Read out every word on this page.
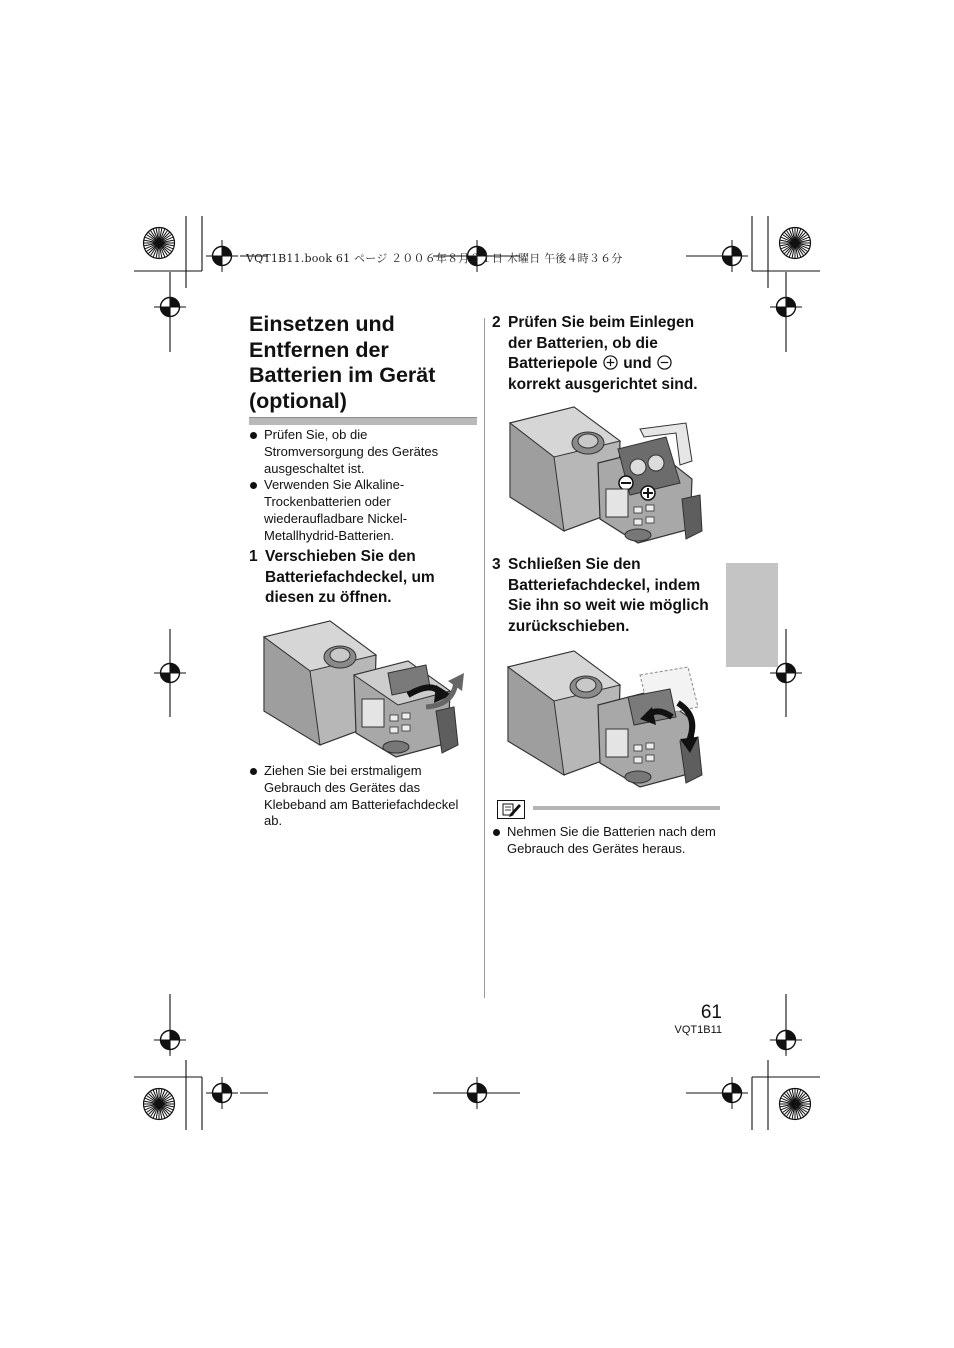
VQT1B11.book 61 ページ ２００６年８月３１日 木曜日 午後４時３６分
Einsetzen und
Entfernen der
Batterien im Gerät
(optional)
Prüfen Sie, ob die Stromversorgung des Gerätes ausgeschaltet ist.
Verwenden Sie Alkaline-Trockenbatterien oder wiederaufladbare Nickel-Metallhydrid-Batterien.
1 Verschieben Sie den Batteriefachdeckel, um diesen zu öffnen.
Ziehen Sie bei erstmaligem Gebrauch des Gerätes das Klebeband am Batteriefachdeckel ab.
2 Prüfen Sie beim Einlegen der Batterien, ob die Batteriepole und  korrekt ausgerichtet sind.
3 Schließen Sie den Batteriefachdeckel, indem Sie ihn so weit wie möglich zurückschieben.
Nehmen Sie die Batterien nach dem Gebrauch des Gerätes heraus.
61
VQT1B11
